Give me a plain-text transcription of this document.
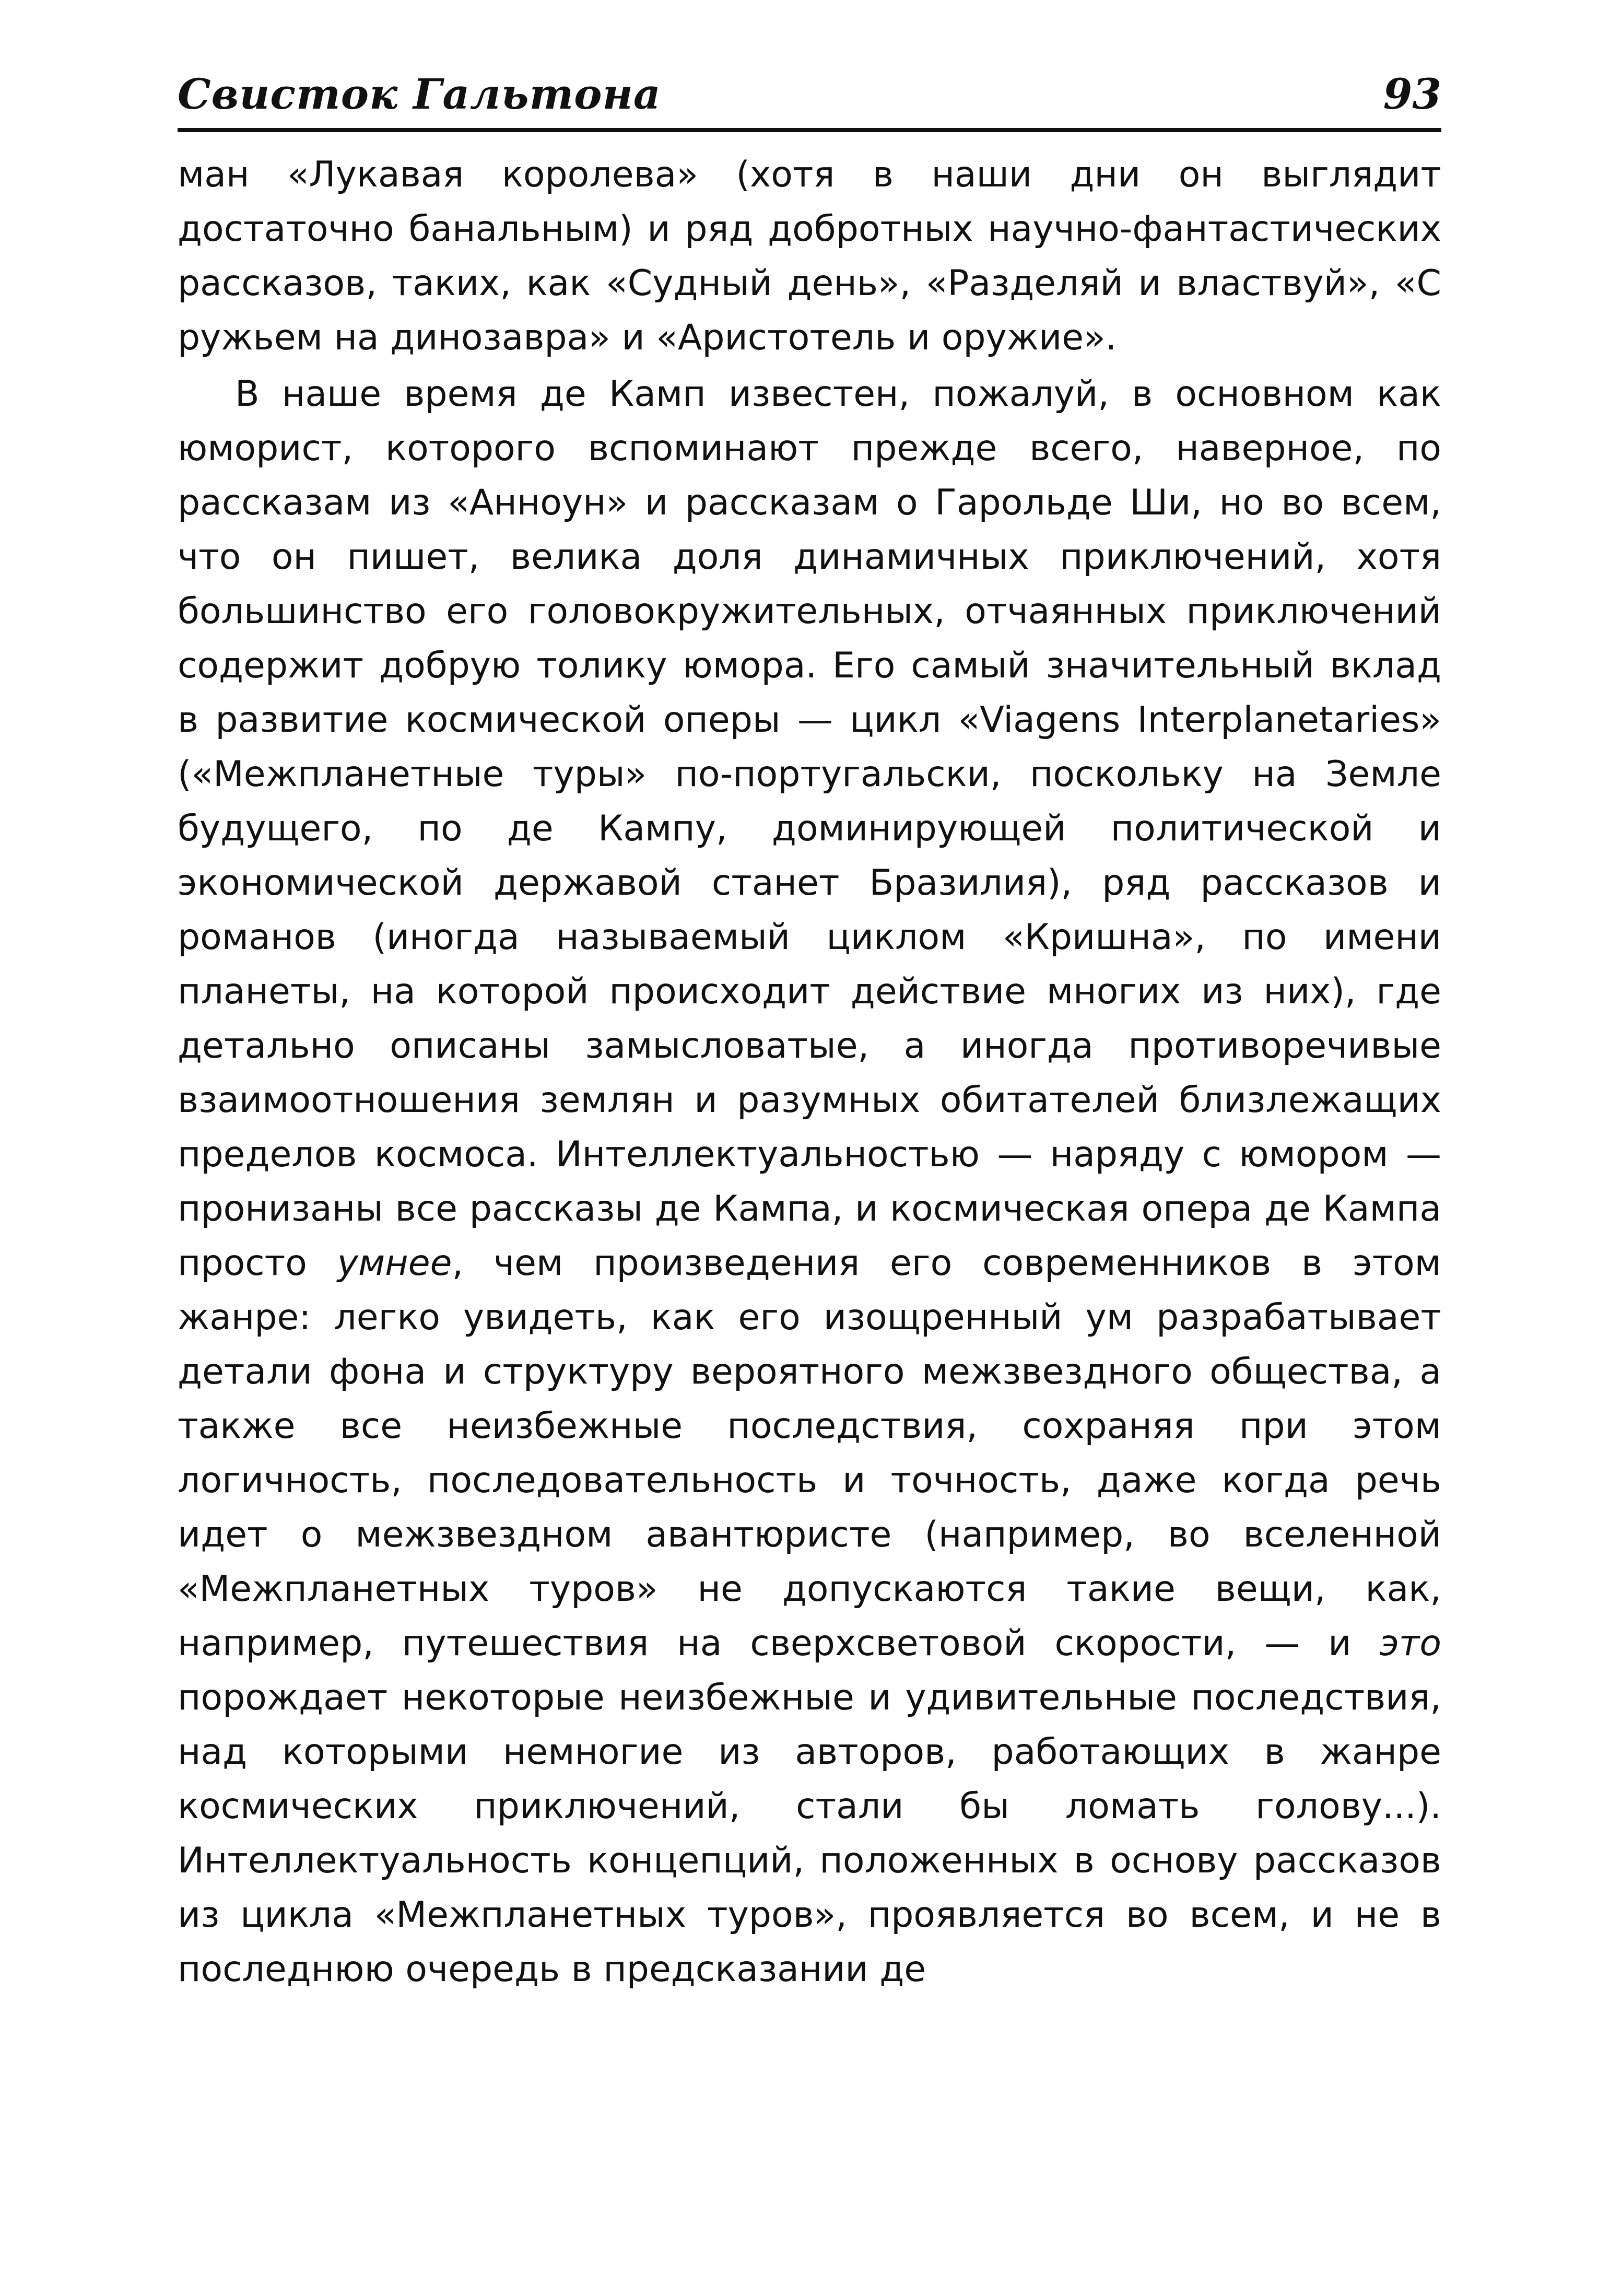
Свисток Гальтона	93

ман «Лукавая королева» (хотя в наши дни он выглядит достаточно банальным) и ряд добротных научно-фантастических рассказов, таких, как «Судный день», «Разделяй и властвуй», «С ружьем на динозавра» и «Аристотель и оружие».

В наше время де Камп известен, пожалуй, в основном как юморист, которого вспоминают прежде всего, наверное, по рассказам из «Анноун» и рассказам о Гарольде Ши, но во всем, что он пишет, велика доля динамичных приключений, хотя большинство его головокружительных, отчаянных приключений содержит добрую толику юмора. Его самый значительный вклад в развитие космической оперы — цикл «Viagens Interplanetaries» («Межпланетные туры» по-португальски, поскольку на Земле будущего, по де Кампу, доминирующей политической и экономической державой станет Бразилия), ряд рассказов и романов (иногда называемый циклом «Кришна», по имени планеты, на которой происходит действие многих из них), где детально описаны замысловатые, а иногда противоречивые взаимоотношения землян и разумных обитателей близлежащих пределов космоса. Интеллектуальностью — наряду с юмором — пронизаны все рассказы де Кампа, и космическая опера де Кампа просто умнее, чем произведения его современников в этом жанре: легко увидеть, как его изощренный ум разрабатывает детали фона и структуру вероятного межзвездного общества, а также все неизбежные последствия, сохраняя при этом логичность, последовательность и точность, даже когда речь идет о межзвездном авантюристе (например, во вселенной «Межпланетных туров» не допускаются такие вещи, как, например, путешествия на сверхсветовой скорости, — и это порождает некоторые неизбежные и удивительные последствия, над которыми немногие из авторов, работающих в жанре космических приключений, стали бы ломать голову...). Интеллектуальность концепций, положенных в основу рассказов из цикла «Межпланетных туров», проявляется во всем, и не в последнюю очередь в предсказании де
